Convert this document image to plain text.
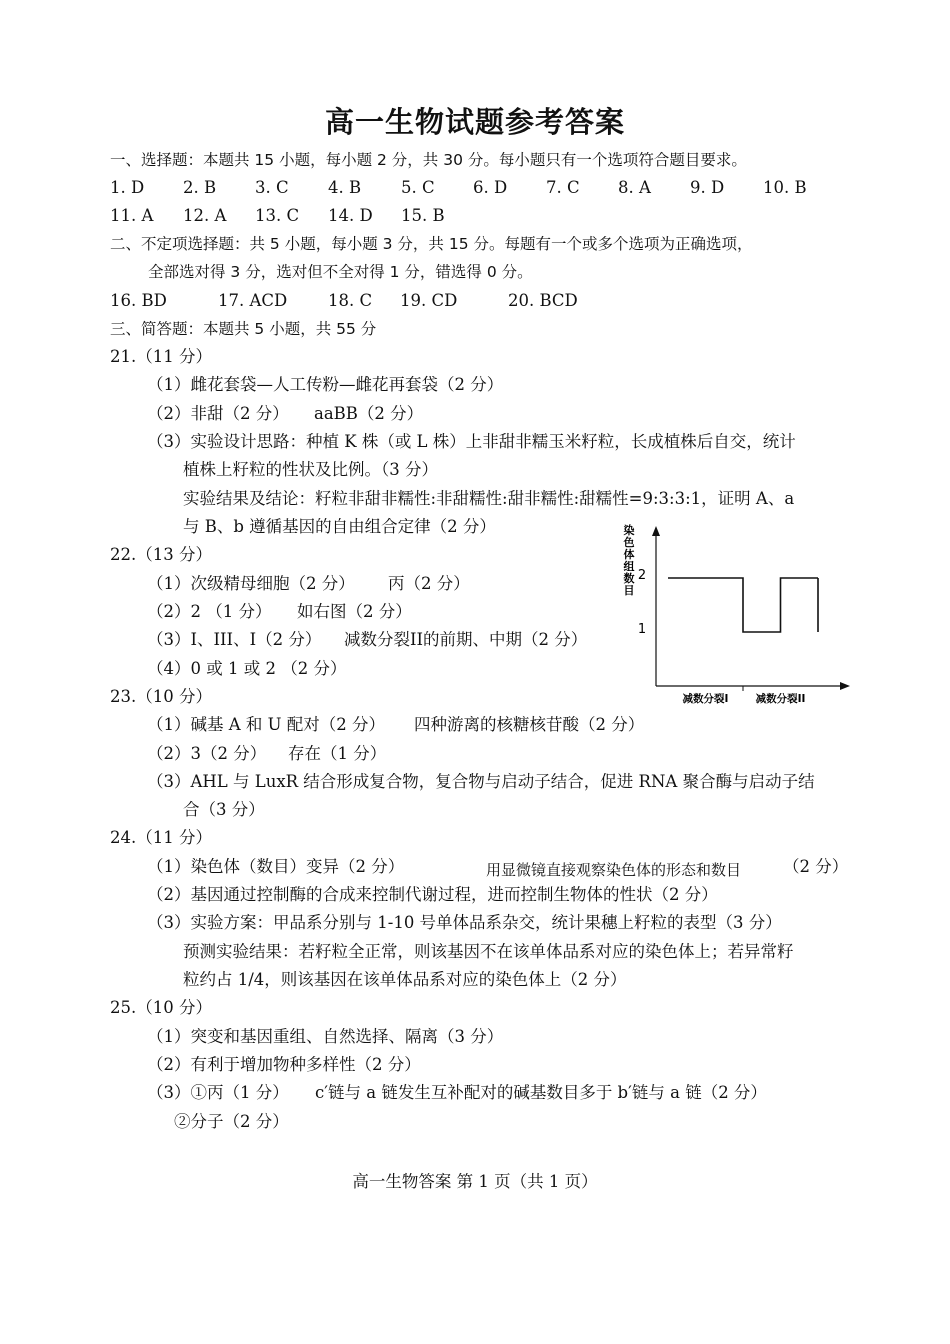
高一生物试题参考答案
一、选择题：本题共 15 小题，每小题 2 分，共 30 分。每小题只有一个选项符合题目要求。
1. D 2. B 3. C 4. B 5. C 6. D 7. C 8. A 9. D 10. B
11. A 12. A 13. C 14. D 15. B
二、不定项选择题：共 5 小题，每小题 3 分，共 15 分。每题有一个或多个选项为正确选项，
全部选对得 3 分，选对但不全对得 1 分，错选得 0 分。
16. BD	17. ACD 18. C 19. CD	20. BCD
三、简答题：本题共 5 小题，共 55 分
21.（11 分）
（1）雌花套袋—人工传粉—雌花再套袋（2 分）
（2）非甜（2 分） aaBB（2 分）
（3）实验设计思路：种植 K 株（或 L 株）上非甜非糯玉米籽粒，长成植株后自交，统计
植株上籽粒的性状及比例。（3 分）
实验结果及结论：籽粒非甜非糯性:非甜糯性:甜非糯性:甜糯性=9:3:3:1，证明 A、a
与 B、b 遵循基因的自由组合定律（2 分）
22.（13 分）
（1）次级精母细胞（2 分） 丙（2 分）
（2）2 （1 分） 如右图（2 分）
（3）I、III、I（2 分） 减数分裂II的前期、中期（2 分）
（4）0 或 1 或 2 （2 分）
染
色
体
组
数
目
2
1
减数分裂I	减数分裂II
23.（10 分）
（1）碱基 A 和 U 配对（2 分） 四种游离的核糖核苷酸（2 分）
（2）3（2 分） 存在（1 分）
（3）AHL 与 LuxR 结合形成复合物，复合物与启动子结合，促进 RNA 聚合酶与启动子结
合（3 分）
24.（11 分）
（1）染色体（数目）变异（2 分）	用显微镜直接观察染色体的形态和数目	（2 分）
（2）基因通过控制酶的合成来控制代谢过程，进而控制生物体的性状（2 分）
（3）实验方案：甲品系分别与 1-10 号单体品系杂交，统计果穗上籽粒的表型（3 分）
预测实验结果：若籽粒全正常，则该基因不在该单体品系对应的染色体上；若异常籽
粒约占 1/4，则该基因在该单体品系对应的染色体上（2 分）
25.（10 分）
（1）突变和基因重组、自然选择、隔离（3 分）
（2）有利于增加物种多样性（2 分）
（3）①丙（1 分） c′链与 a 链发生互补配对的碱基数目多于 b′链与 a 链（2 分）
②分子（2 分）
高一生物答案 第 1 页（共 1 页）
